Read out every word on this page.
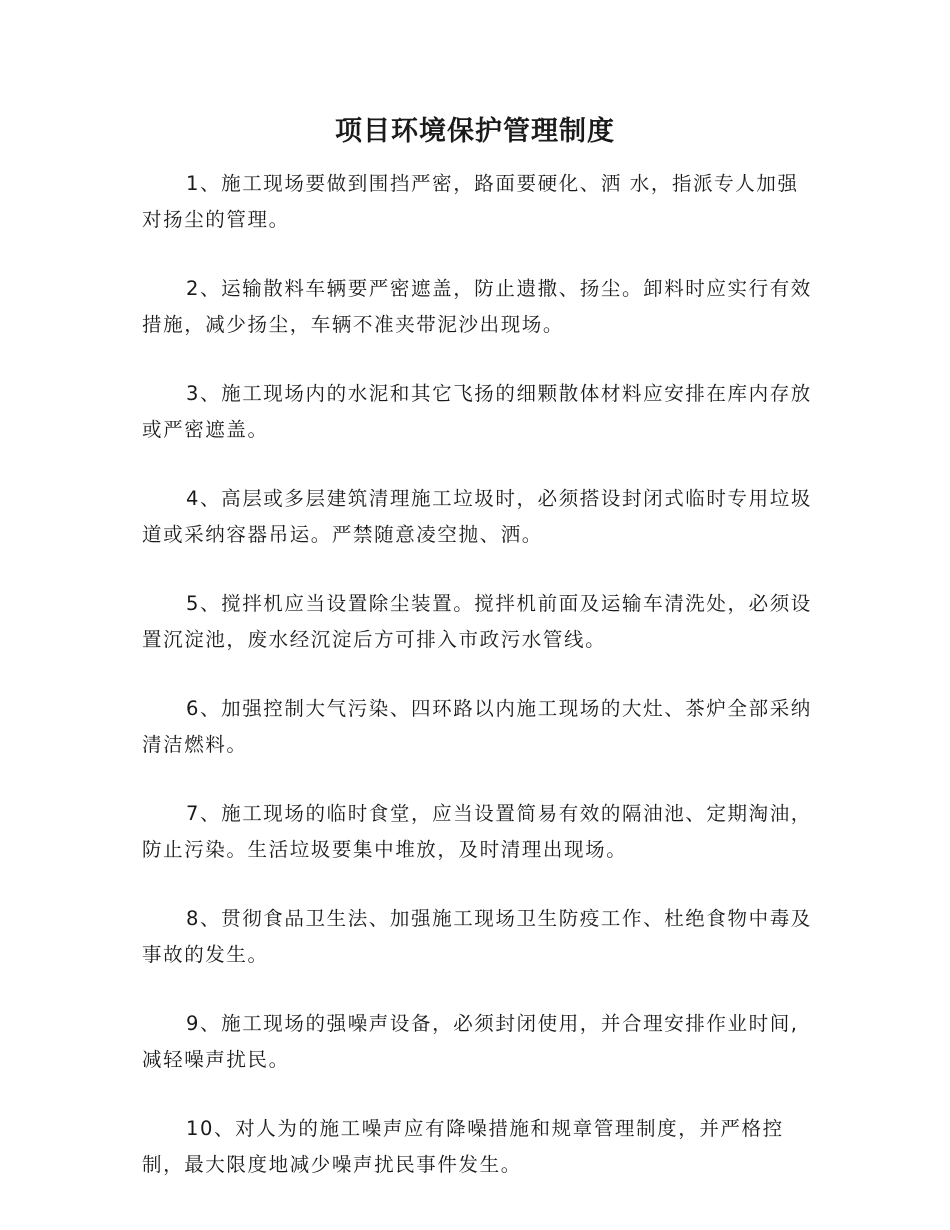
项目环境保护管理制度

1、施工现场要做到围挡严密，路面要硬化、洒 水，指派专人加强对扬尘的管理。

2、运输散料车辆要严密遮盖，防止遗撒、扬尘。卸料时应实行有效措施，减少扬尘，车辆不准夹带泥沙出现场。

3、施工现场内的水泥和其它飞扬的细颗散体材料应安排在库内存放或严密遮盖。

4、高层或多层建筑清理施工垃圾时，必须搭设封闭式临时专用垃圾道或采纳容器吊运。严禁随意凌空抛、洒。

5、搅拌机应当设置除尘装置。搅拌机前面及运输车清洗处，必须设 置沉淀池，废水经沉淀后方可排入市政污水管线。

6、加强控制大气污染、四环路以内施工现场的大灶、茶炉全部采纳清洁燃料。

7、施工现场的临时食堂，应当设置简易有效的隔油池、定期淘油， 防止污染。生活垃圾要集中堆放，及时清理出现场。

8、贯彻食品卫生法、加强施工现场卫生防疫工作、杜绝食物中毒及事故的发生。

9、施工现场的强噪声设备，必须封闭使用，并合理安排作业时间,减轻噪声扰民。

10、对人为的施工噪声应有降噪措施和规章管理制度，并严格控制，最大限度地减少噪声扰民事件发生。
